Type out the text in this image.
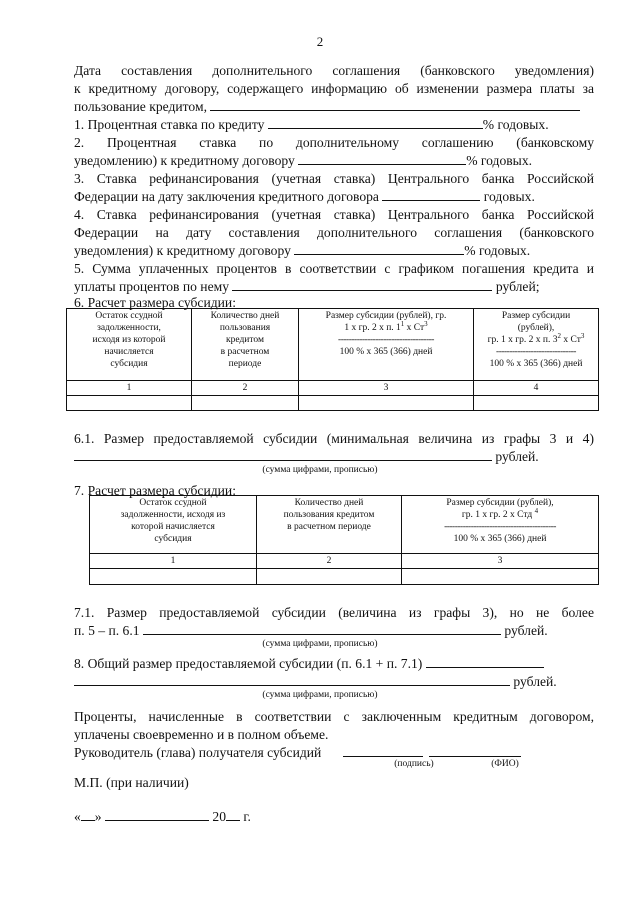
2
Дата составления дополнительного соглашения (банковского уведомления)
к кредитному договору, содержащего информацию об изменении размера платы за
пользование кредитом,
1. Процентная ставка по кредиту	% годовых.
2. Процентная ставка по дополнительному соглашению (банковскому
уведомлению) к кредитному договору	% годовых.
3. Ставка рефинансирования (учетная ставка) Центрального банка Российской
Федерации на дату заключения кредитного договора	годовых.
4. Ставка рефинансирования (учетная ставка) Центрального банка Российской
Федерации на дату составления дополнительного соглашения (банковского
уведомления) к кредитному договору	% годовых.
5. Сумма уплаченных процентов в соответствии с графиком погашения кредита и
уплаты процентов по нему	рублей;
6. Расчет размера субсидии:
Остаток ссудной
задолженности,
исходя из которой
начисляется
субсидия	Количество дней
пользования
кредитом
в расчетном
периоде	Размер субсидии (рублей), гр.
1 х гр. 2 х п. $1^1$ х $Ст^3$
------------------------------------
100 % х 365 (366) дней	Размер субсидии
(рублей),
гр. 1 х гр. 2 х п. $3^2$ х $Ст^3$
------------------------------
100 % х 365 (366) дней

1	2	3	4

6.1. Размер предоставляемой субсидии (минимальная величина из графы 3 и 4)
рублей.
(сумма цифрами, прописью)
7. Расчет размера субсидии:
Остаток ссудной
задолженности, исходя из
которой начисляется
субсидия	Количество дней
пользования кредитом
в расчетном периоде	Размер субсидии (рублей),
гр. 1 х гр. 2 х Стд $^4$
------------------------------------------
100 % х 365 (366) дней

1	2	3

7.1. Размер предоставляемой субсидии (величина из графы 3), но не более
п. 5 – п. 6.1	рублей.
(сумма цифрами, прописью)
8. Общий размер предоставляемой субсидии (п. 6.1 + п. 7.1)
рублей.
(сумма цифрами, прописью)
Проценты, начисленные в соответствии с заключенным кредитным договором,
уплачены своевременно и в полном объеме.
Руководитель (глава) получателя субсидий
(подпись)	(ФИО)
М.П. (при наличии)
« »	20 г.
